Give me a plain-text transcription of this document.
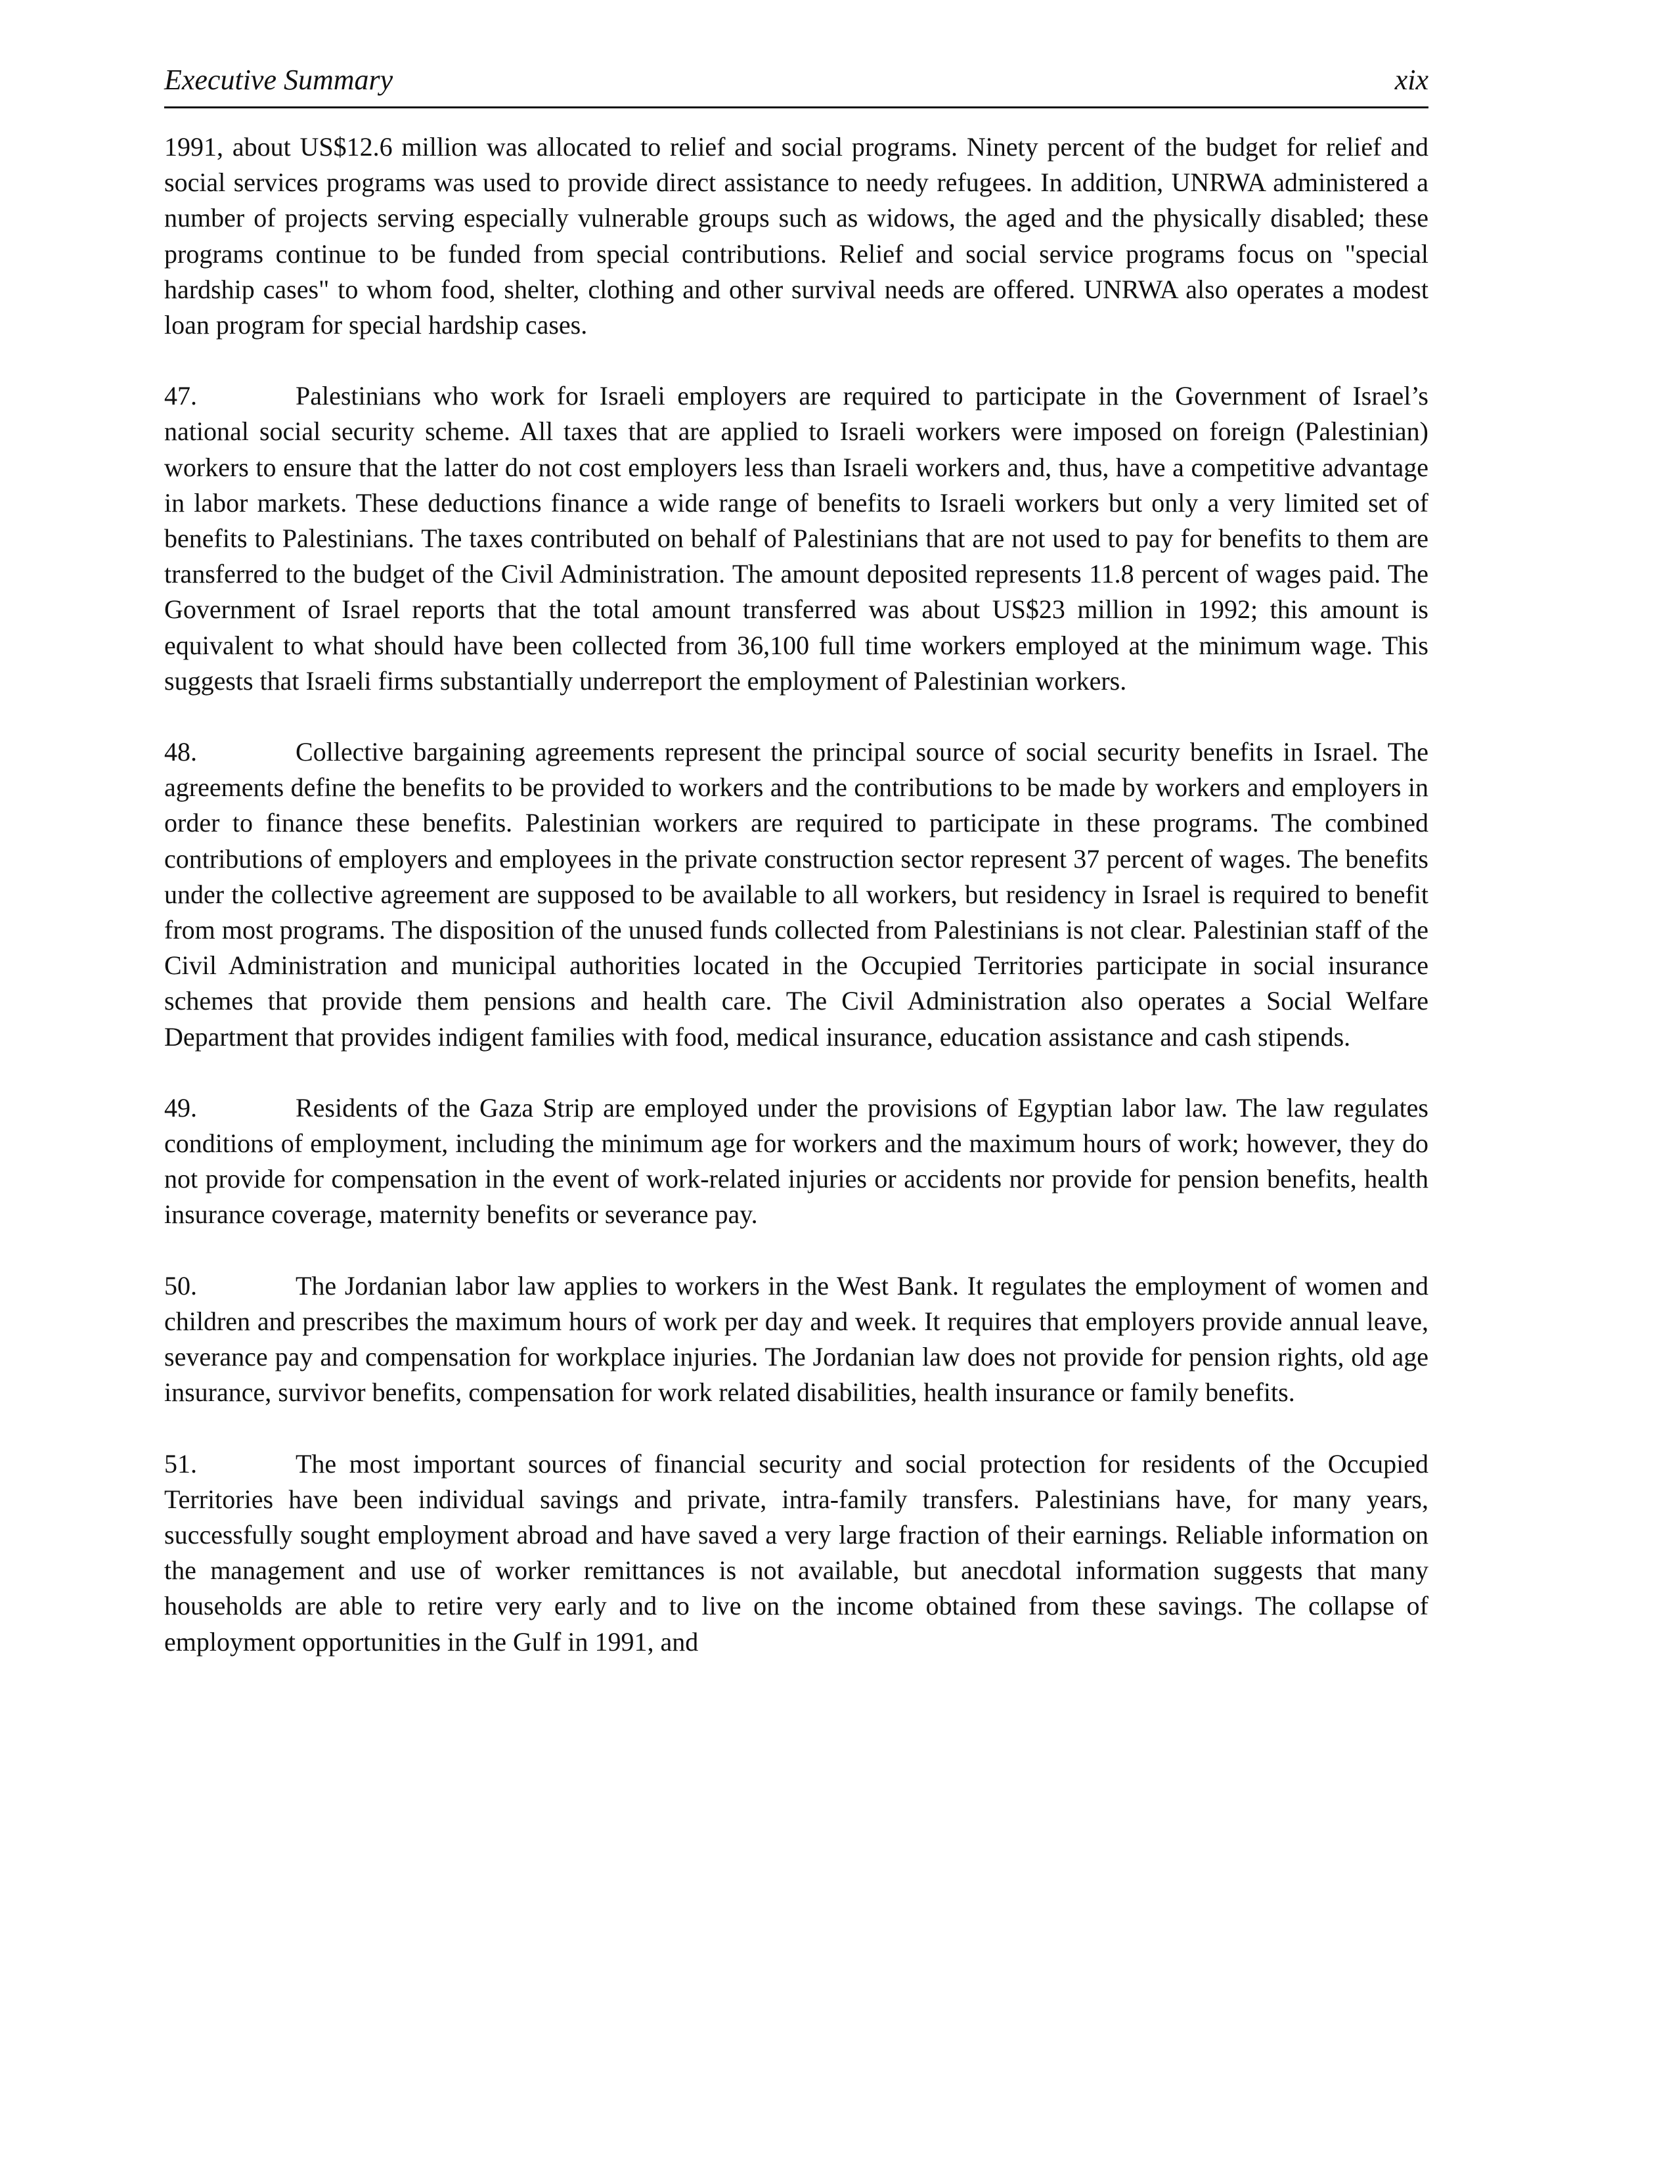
Executive Summary	xix

1991, about US$12.6 million was allocated to relief and social programs. Ninety percent of the budget for relief and social services programs was used to provide direct assistance to needy refugees. In addition, UNRWA administered a number of projects serving especially vulnerable groups such as widows, the aged and the physically disabled; these programs continue to be funded from special contributions. Relief and social service programs focus on "special hardship cases" to whom food, shelter, clothing and other survival needs are offered. UNRWA also operates a modest loan program for special hardship cases.

47.	Palestinians who work for Israeli employers are required to participate in the Government of Israel’s national social security scheme. All taxes that are applied to Israeli workers were imposed on foreign (Palestinian) workers to ensure that the latter do not cost employers less than Israeli workers and, thus, have a competitive advantage in labor markets. These deductions finance a wide range of benefits to Israeli workers but only a very limited set of benefits to Palestinians. The taxes contributed on behalf of Palestinians that are not used to pay for benefits to them are transferred to the budget of the Civil Administration. The amount deposited represents 11.8 percent of wages paid. The Government of Israel reports that the total amount transferred was about US$23 million in 1992; this amount is equivalent to what should have been collected from 36,100 full time workers employed at the minimum wage. This suggests that Israeli firms substantially underreport the employment of Palestinian workers.

48.	Collective bargaining agreements represent the principal source of social security benefits in Israel. The agreements define the benefits to be provided to workers and the contributions to be made by workers and employers in order to finance these benefits. Palestinian workers are required to participate in these programs. The combined contributions of employers and employees in the private construction sector represent 37 percent of wages. The benefits under the collective agreement are supposed to be available to all workers, but residency in Israel is required to benefit from most programs. The disposition of the unused funds collected from Palestinians is not clear. Palestinian staff of the Civil Administration and municipal authorities located in the Occupied Territories participate in social insurance schemes that provide them pensions and health care. The Civil Administration also operates a Social Welfare Department that provides indigent families with food, medical insurance, education assistance and cash stipends.

49.	Residents of the Gaza Strip are employed under the provisions of Egyptian labor law. The law regulates conditions of employment, including the minimum age for workers and the maximum hours of work; however, they do not provide for compensation in the event of work-related injuries or accidents nor provide for pension benefits, health insurance coverage, maternity benefits or severance pay.

50.	The Jordanian labor law applies to workers in the West Bank. It regulates the employment of women and children and prescribes the maximum hours of work per day and week. It requires that employers provide annual leave, severance pay and compensation for workplace injuries. The Jordanian law does not provide for pension rights, old age insurance, survivor benefits, compensation for work related disabilities, health insurance or family benefits.

51.	The most important sources of financial security and social protection for residents of the Occupied Territories have been individual savings and private, intra-family transfers. Palestinians have, for many years, successfully sought employment abroad and have saved a very large fraction of their earnings. Reliable information on the management and use of worker remittances is not available, but anecdotal information suggests that many households are able to retire very early and to live on the income obtained from these savings. The collapse of employment opportunities in the Gulf in 1991, and
